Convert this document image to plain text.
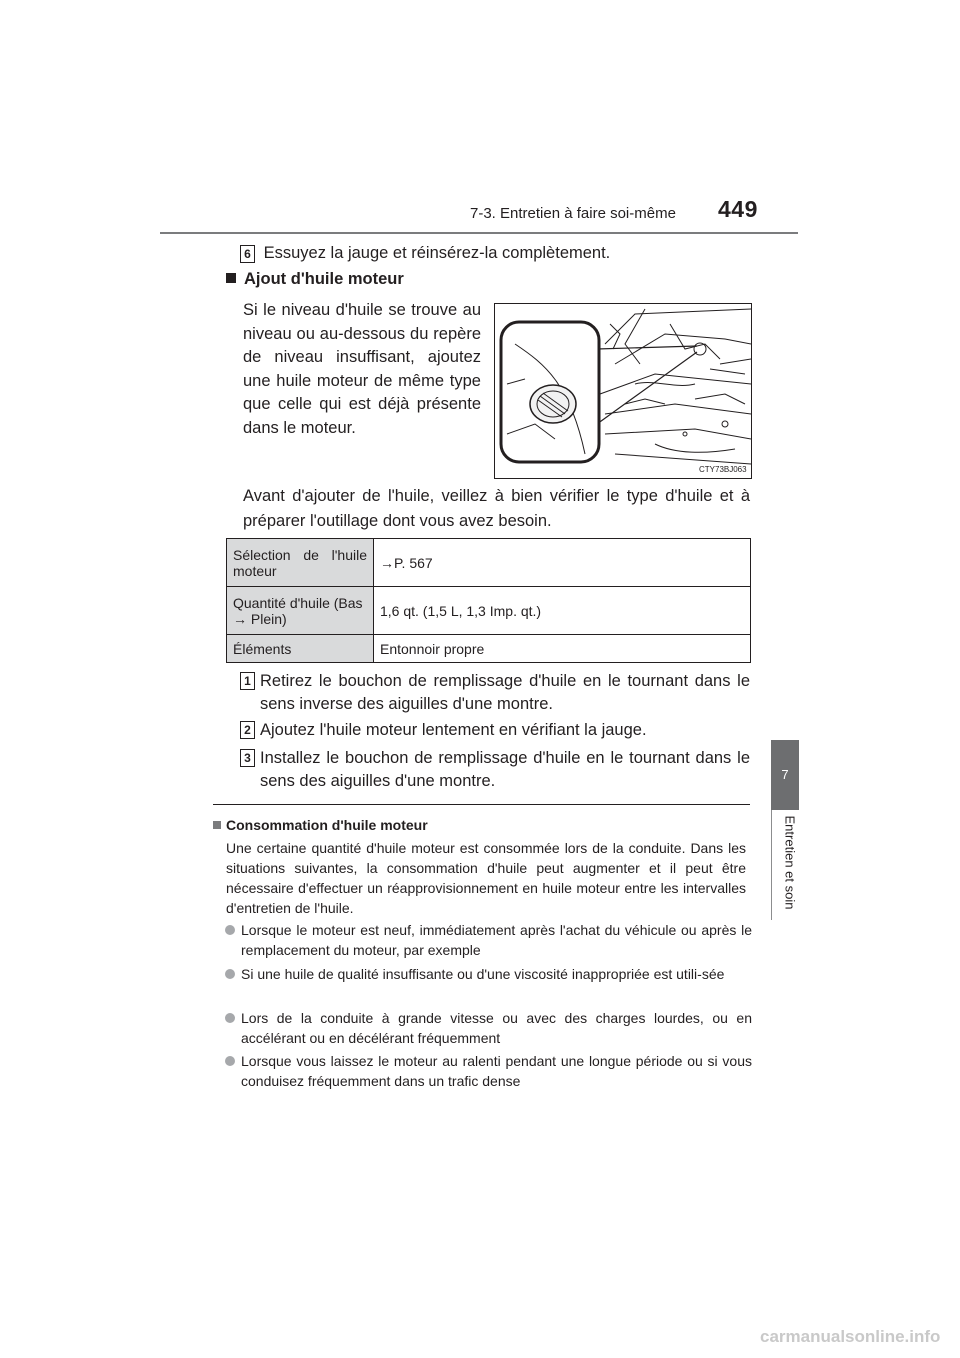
7-3. Entretien à faire soi-même 449
7
Entretien et soin
6 Essuyez la jauge et réinsérez-la complètement.
Ajout d'huile moteur
Si le niveau d'huile se trouve au niveau ou au-dessous du repère de niveau insuffisant, ajoutez une huile moteur de même type que celle qui est déjà présente dans le moteur.
CTY73BJ063
Avant d'ajouter de l'huile, veillez à bien vérifier le type d'huile et à préparer l'outillage dont vous avez besoin.
Sélection de l'huile moteur	→P. 567
Quantité d'huile (Bas → Plein)	1,6 qt. (1,5 L, 1,3 Imp. qt.)
Éléments	Entonnoir propre
1 Retirez le bouchon de remplissage d'huile en le tournant dans le sens inverse des aiguilles d'une montre.
2 Ajoutez l'huile moteur lentement en vérifiant la jauge.
3 Installez le bouchon de remplissage d'huile en le tournant dans le sens des aiguilles d'une montre.
Consommation d'huile moteur
Une certaine quantité d'huile moteur est consommée lors de la conduite. Dans les situations suivantes, la consommation d'huile peut augmenter et il peut être nécessaire d'effectuer un réapprovisionnement en huile moteur entre les intervalles d'entretien de l'huile.
Lorsque le moteur est neuf, immédiatement après l'achat du véhicule ou après le remplacement du moteur, par exemple
Si une huile de qualité insuffisante ou d'une viscosité inappropriée est utili-sée
Lors de la conduite à grande vitesse ou avec des charges lourdes, ou en accélérant ou en décélérant fréquemment
Lorsque vous laissez le moteur au ralenti pendant une longue période ou si vous conduisez fréquemment dans un trafic dense
carmanualsonline.info
